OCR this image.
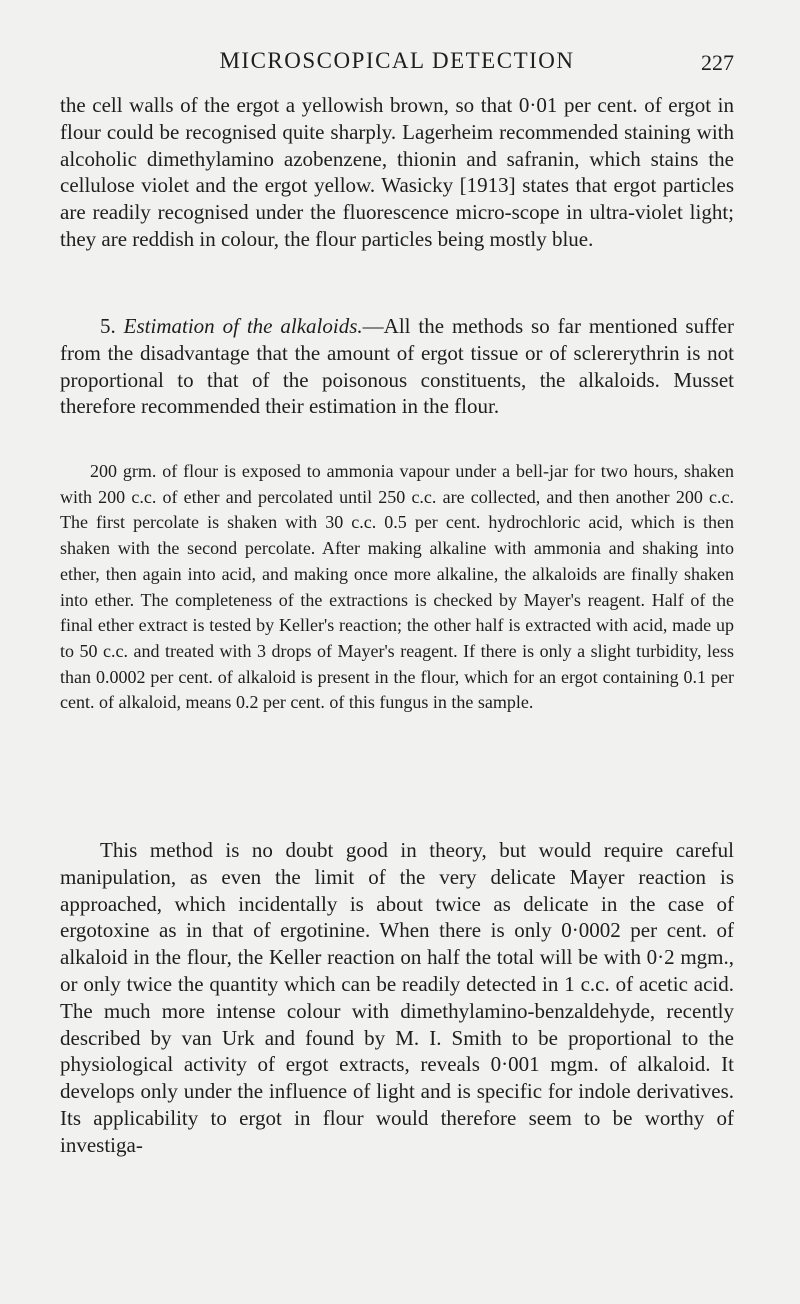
MICROSCOPICAL DETECTION	227

the cell walls of the ergot a yellowish brown, so that 0·01 per cent. of ergot in flour could be recognised quite sharply. Lagerheim recommended staining with alcoholic dimethylamino azobenzene, thionin and safranin, which stains the cellulose violet and the ergot yellow. Wasicky [1913] states that ergot particles are readily recognised under the fluorescence micro-scope in ultra-violet light; they are reddish in colour, the flour particles being mostly blue.

5. Estimation of the alkaloids.—All the methods so far mentioned suffer from the disadvantage that the amount of ergot tissue or of sclererythrin is not proportional to that of the poisonous constituents, the alkaloids. Musset therefore recommended their estimation in the flour.

200 grm. of flour is exposed to ammonia vapour under a bell-jar for two hours, shaken with 200 c.c. of ether and percolated until 250 c.c. are collected, and then another 200 c.c. The first percolate is shaken with 30 c.c. 0.5 per cent. hydrochloric acid, which is then shaken with the second percolate. After making alkaline with ammonia and shaking into ether, then again into acid, and making once more alkaline, the alkaloids are finally shaken into ether. The completeness of the extractions is checked by Mayer's reagent. Half of the final ether extract is tested by Keller's reaction; the other half is extracted with acid, made up to 50 c.c. and treated with 3 drops of Mayer's reagent. If there is only a slight turbidity, less than 0.0002 per cent. of alkaloid is present in the flour, which for an ergot containing 0.1 per cent. of alkaloid, means 0.2 per cent. of this fungus in the sample.

This method is no doubt good in theory, but would require careful manipulation, as even the limit of the very delicate Mayer reaction is approached, which incidentally is about twice as delicate in the case of ergotoxine as in that of ergotinine. When there is only 0·0002 per cent. of alkaloid in the flour, the Keller reaction on half the total will be with 0·2 mgm., or only twice the quantity which can be readily detected in 1 c.c. of acetic acid. The much more intense colour with dimethylamino-benzaldehyde, recently described by van Urk and found by M. I. Smith to be proportional to the physiological activity of ergot extracts, reveals 0·001 mgm. of alkaloid. It develops only under the influence of light and is specific for indole derivatives. Its applicability to ergot in flour would therefore seem to be worthy of investiga-
